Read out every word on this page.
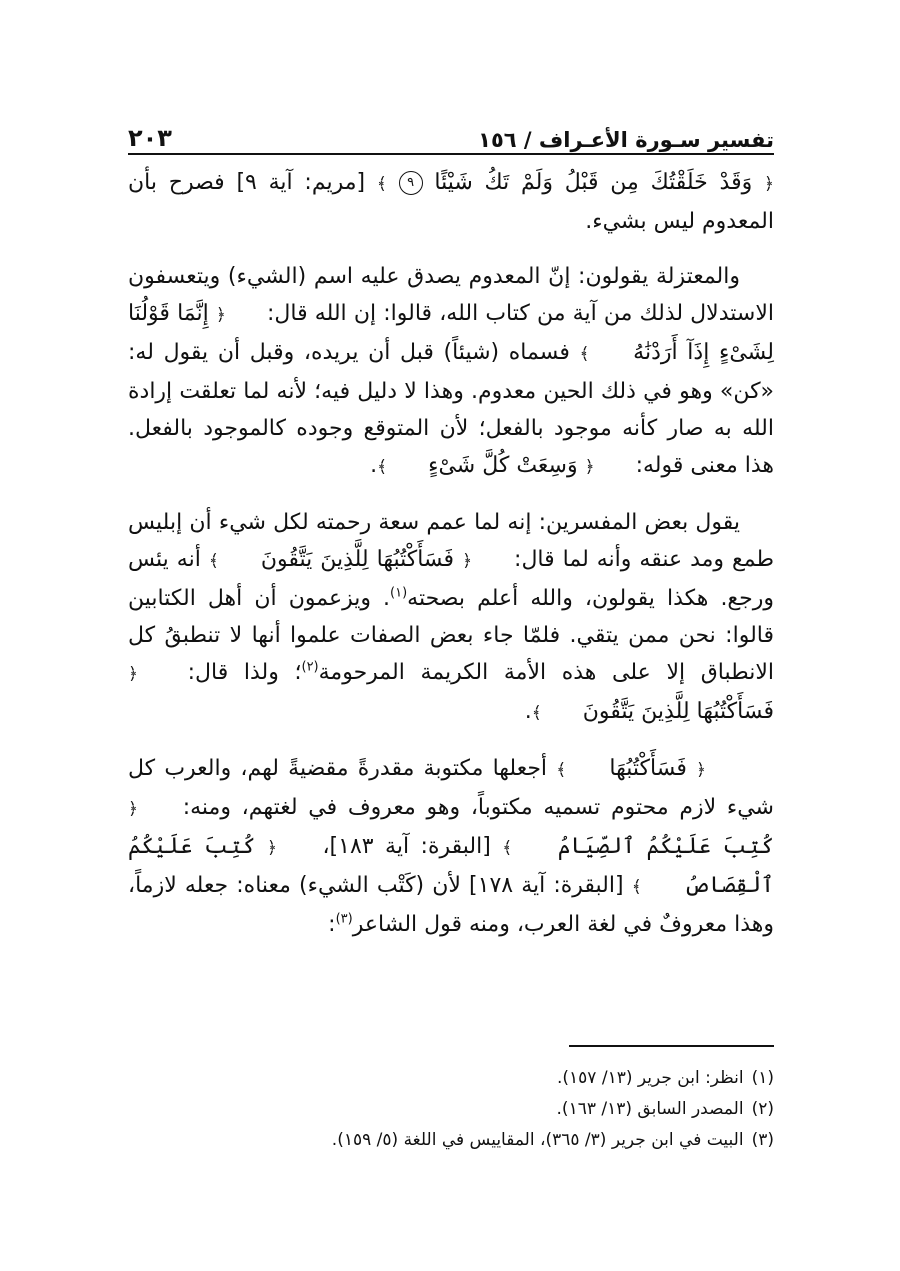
تفسير سـورة الأعـراف / ١٥٦
٢٠٣

﴿ وَقَدْ خَلَقْتُكَ مِن قَبْلُ وَلَمْ تَكُ شَيْئًا ٩ ﴾ [مريم: آية ٩] فصرح بأن المعدوم ليس بشيء.

والمعتزلة يقولون: إنّ المعدوم يصدق عليه اسم (الشيء) ويتعسفون الاستدلال لذلك من آية من كتاب الله، قالوا: إن الله قال: ﴿ إِنَّمَا قَوْلُنَا لِشَىْءٍ إِذَآ أَرَدْنَٰهُ ﴾ فسماه (شيئاً) قبل أن يريده، وقبل أن يقول له: «كن» وهو في ذلك الحين معدوم. وهذا لا دليل فيه؛ لأنه لما تعلقت إرادة الله به صار كأنه موجود بالفعل؛ لأن المتوقع وجوده كالموجود بالفعل. هذا معنى قوله: ﴿ وَسِعَتْ كُلَّ شَىْءٍ ﴾.

يقول بعض المفسرين: إنه لما عمم سعة رحمته لكل شيء أن إبليس طمع ومد عنقه وأنه لما قال: ﴿ فَسَأَكْتُبُهَا لِلَّذِينَ يَتَّقُونَ ﴾ أنه يئس ورجع. هكذا يقولون، والله أعلم بصحته$^{(١)}$. ويزعمون أن أهل الكتابين قالوا: نحن ممن يتقي. فلمّا جاء بعض الصفات علموا أنها لا تنطبقُ كل الانطباق إلا على هذه الأمة الكريمة المرحومة$^{(٢)}$؛ ولذا قال: ﴿ فَسَأَكْتُبُهَا لِلَّذِينَ يَتَّقُونَ ﴾.

﴿ فَسَأَكْتُبُهَا ﴾ أجعلها مكتوبة مقدرةً مقضيةً لهم، والعرب كل شيء لازم محتوم تسميه مكتوباً، وهو معروف في لغتهم، ومنه: ﴿ كُتِبَ عَلَيْكُمُ ٱلصِّيَامُ ﴾ [البقرة: آية ١٨٣]، ﴿ كُتِبَ عَلَيْكُمُ ٱلْقِصَاصُ ﴾ [البقرة: آية ١٧٨] لأن (كَتْب الشيء) معناه: جعله لازماً، وهذا معروفٌ في لغة العرب، ومنه قول الشاعر$^{(٣)}$:

(١)انظر: ابن جرير (١٣/ ١٥٧).

(٢)المصدر السابق (١٣/ ١٦٣).

(٣)البيت في ابن جرير (٣/ ٣٦٥)، المقاييس في اللغة (٥/ ١٥٩).
